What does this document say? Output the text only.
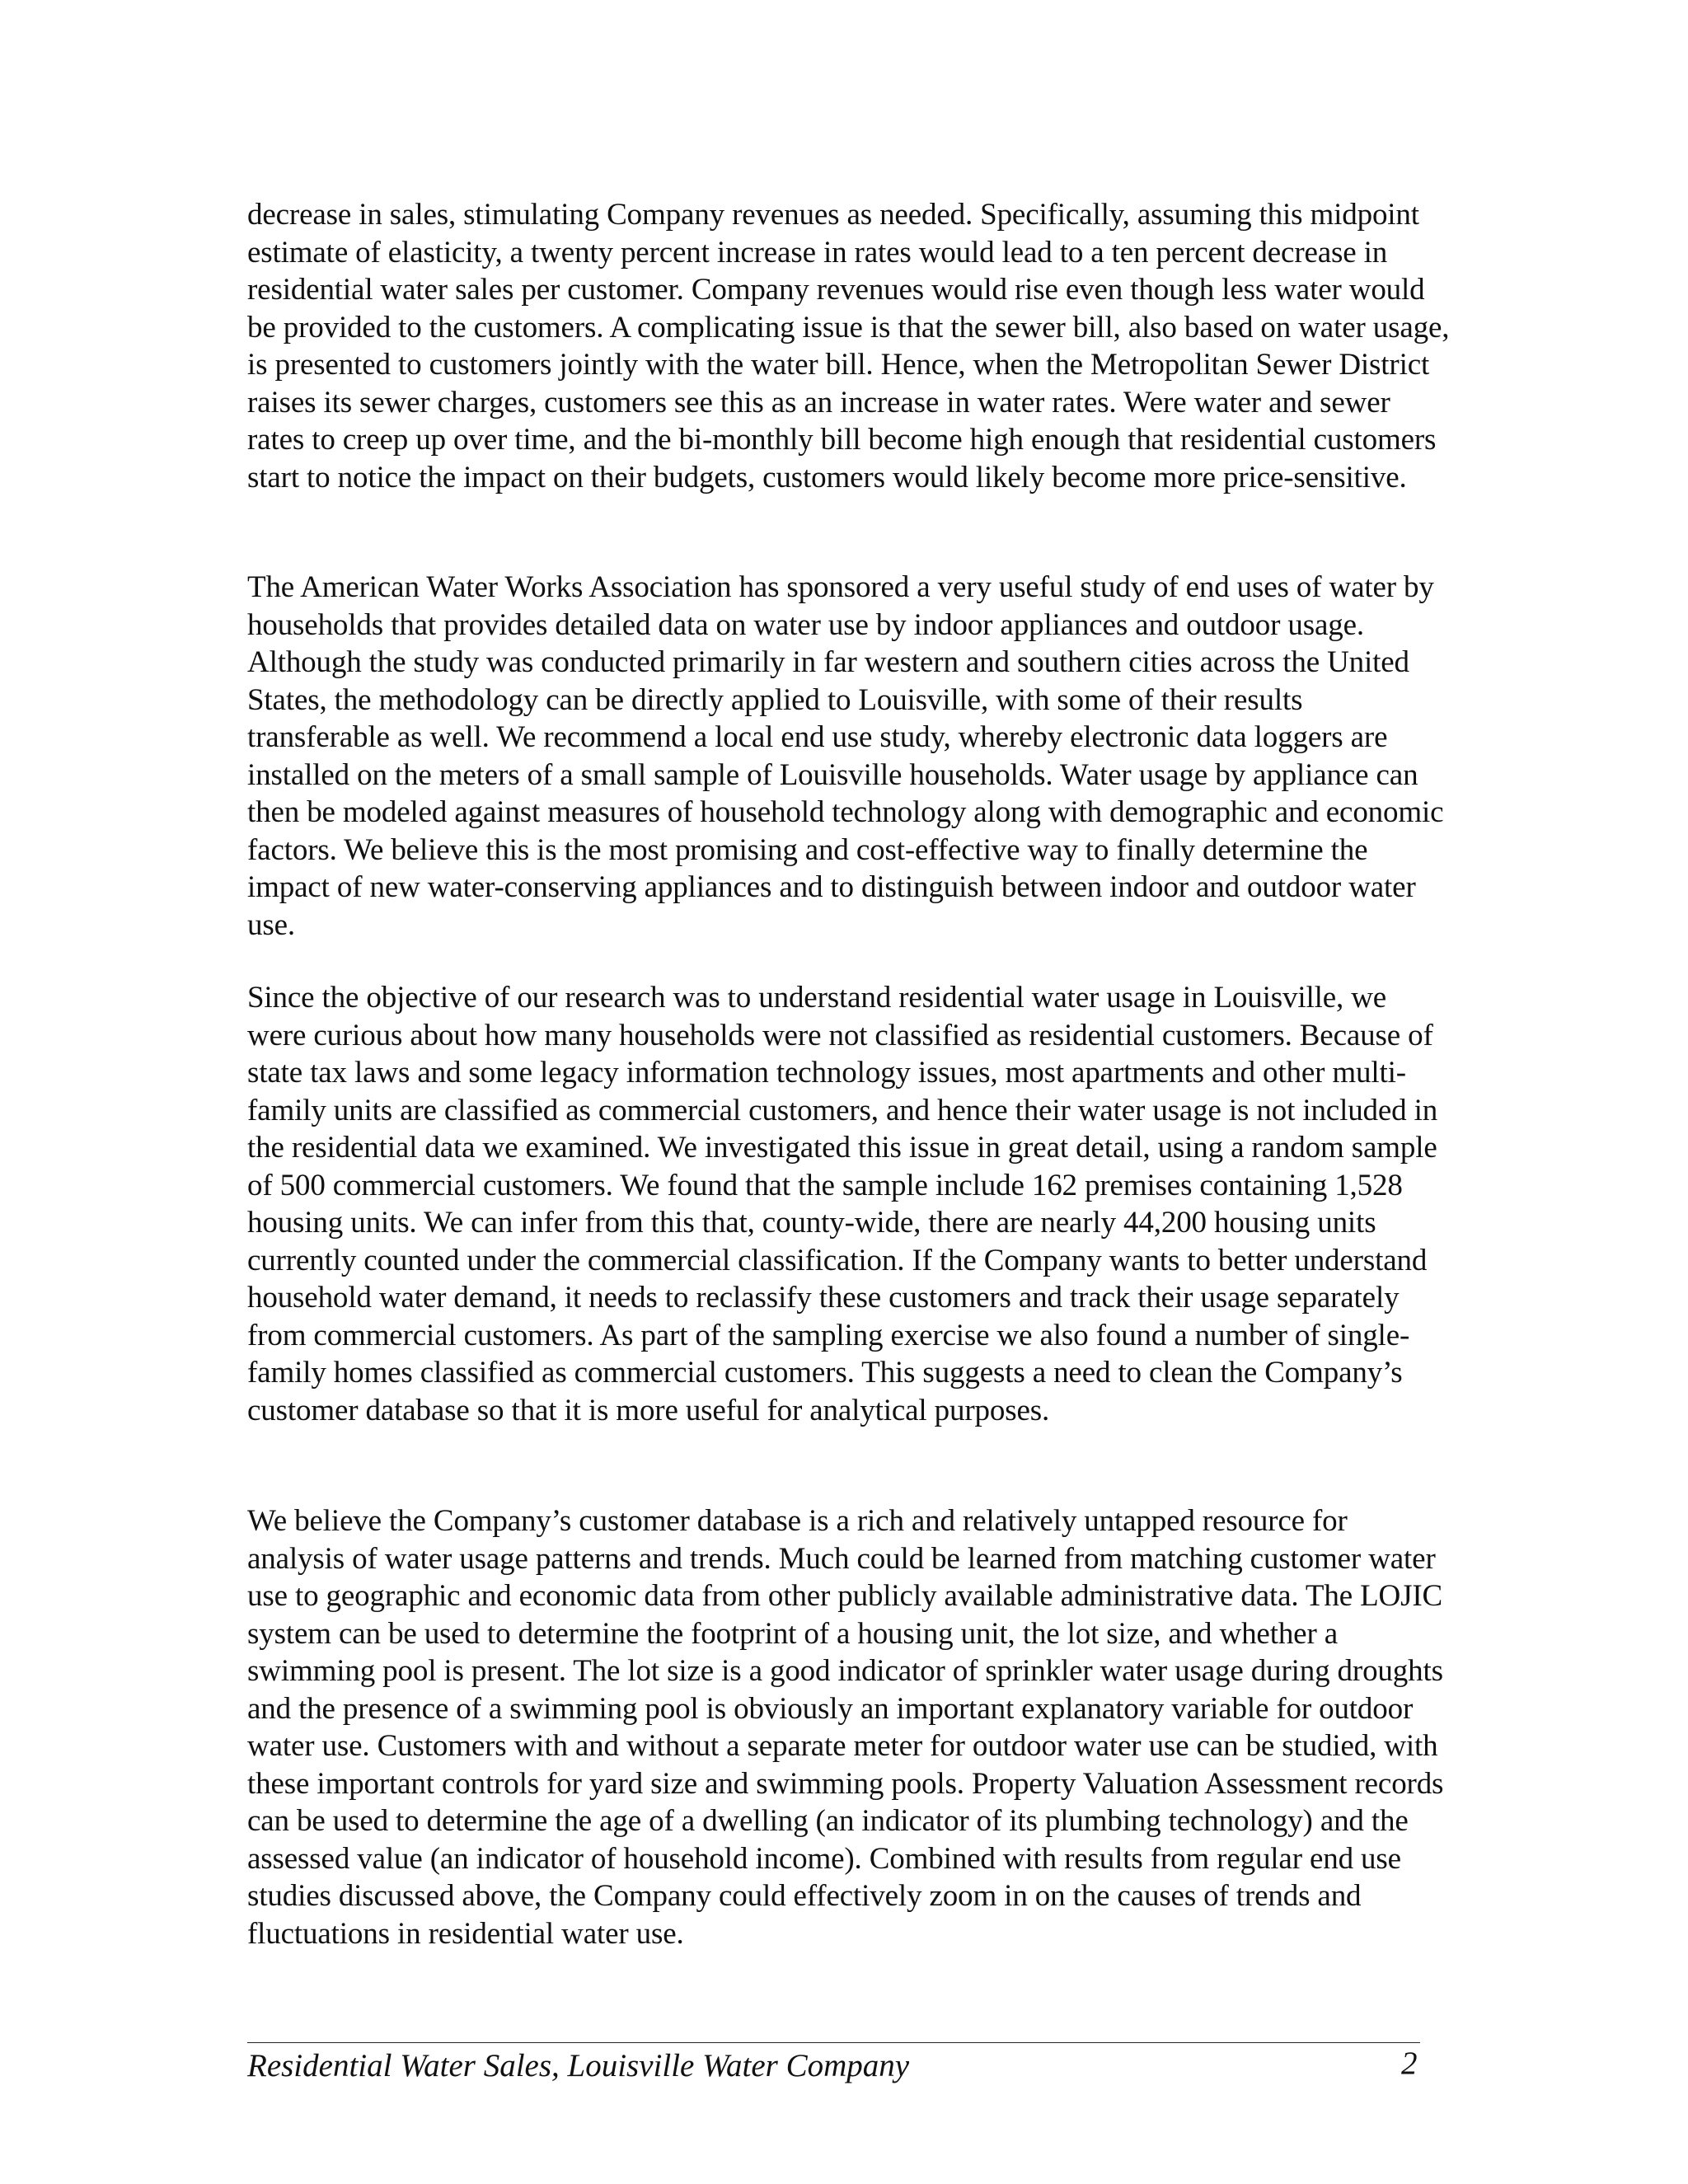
decrease in sales, stimulating Company revenues as needed. Specifically, assuming this midpoint estimate of elasticity, a twenty percent increase in rates would lead to a ten percent decrease in residential water sales per customer. Company revenues would rise even though less water would be provided to the customers. A complicating issue is that the sewer bill, also based on water usage, is presented to customers jointly with the water bill. Hence, when the Metropolitan Sewer District raises its sewer charges, customers see this as an increase in water rates. Were water and sewer rates to creep up over time, and the bi-monthly bill become high enough that residential customers start to notice the impact on their budgets, customers would likely become more price-sensitive.

The American Water Works Association has sponsored a very useful study of end uses of water by households that provides detailed data on water use by indoor appliances and outdoor usage. Although the study was conducted primarily in far western and southern cities across the United States, the methodology can be directly applied to Louisville, with some of their results transferable as well. We recommend a local end use study, whereby electronic data loggers are installed on the meters of a small sample of Louisville households. Water usage by appliance can then be modeled against measures of household technology along with demographic and economic factors. We believe this is the most promising and cost-effective way to finally determine the impact of new water-conserving appliances and to distinguish between indoor and outdoor water use.

Since the objective of our research was to understand residential water usage in Louisville, we were curious about how many households were not classified as residential customers. Because of state tax laws and some legacy information technology issues, most apartments and other multi-family units are classified as commercial customers, and hence their water usage is not included in the residential data we examined. We investigated this issue in great detail, using a random sample of 500 commercial customers. We found that the sample include 162 premises containing 1,528 housing units. We can infer from this that, county-wide, there are nearly 44,200 housing units currently counted under the commercial classification. If the Company wants to better understand household water demand, it needs to reclassify these customers and track their usage separately from commercial customers. As part of the sampling exercise we also found a number of single-family homes classified as commercial customers. This suggests a need to clean the Company’s customer database so that it is more useful for analytical purposes.

We believe the Company’s customer database is a rich and relatively untapped resource for analysis of water usage patterns and trends. Much could be learned from matching customer water use to geographic and economic data from other publicly available administrative data. The LOJIC system can be used to determine the footprint of a housing unit, the lot size, and whether a swimming pool is present. The lot size is a good indicator of sprinkler water usage during droughts and the presence of a swimming pool is obviously an important explanatory variable for outdoor water use. Customers with and without a separate meter for outdoor water use can be studied, with these important controls for yard size and swimming pools. Property Valuation Assessment records can be used to determine the age of a dwelling (an indicator of its plumbing technology) and the assessed value (an indicator of household income). Combined with results from regular end use studies discussed above, the Company could effectively zoom in on the causes of trends and fluctuations in residential water use.

Residential Water Sales, Louisville Water Company	2
